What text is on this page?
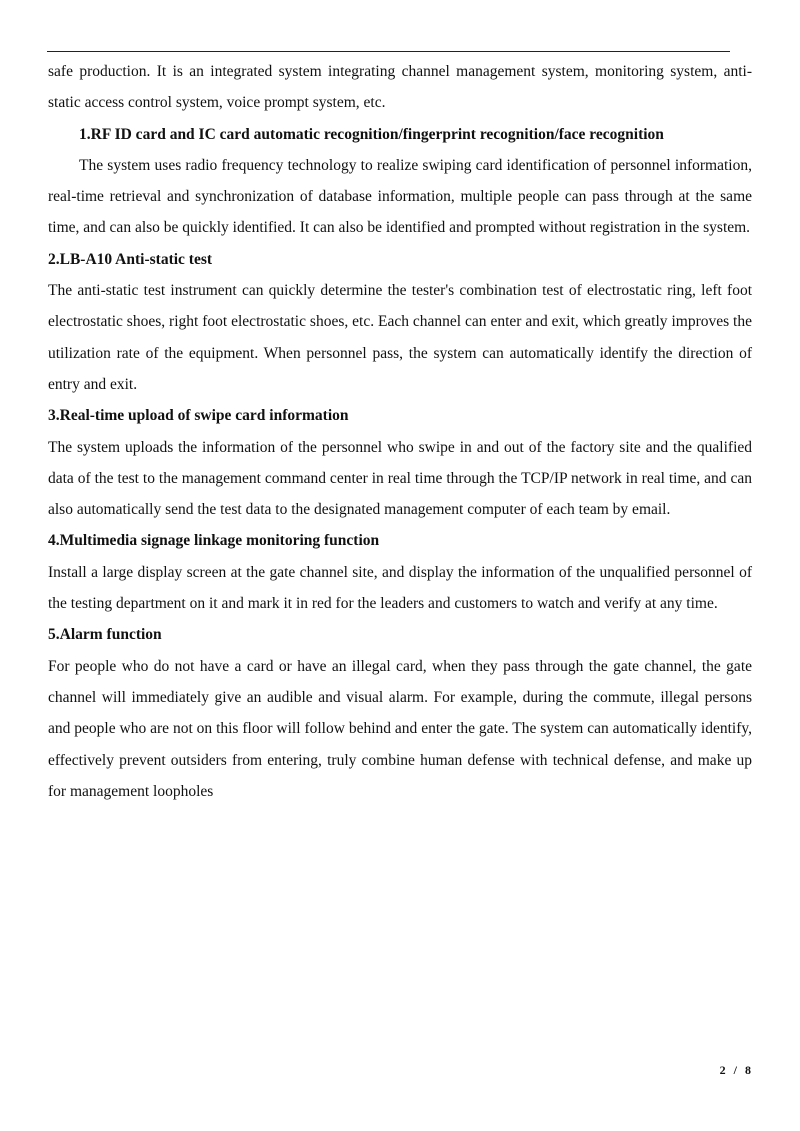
safe production. It is an integrated system integrating channel management system, monitoring system, anti-static access control system, voice prompt system, etc.

1.RF ID card and IC card automatic recognition/fingerprint recognition/face recognition

The system uses radio frequency technology to realize swiping card identification of personnel information, real-time retrieval and synchronization of database information, multiple people can pass through at the same time, and can also be quickly identified. It can also be identified and prompted without registration in the system.

2.LB-A10 Anti-static test

The anti-static test instrument can quickly determine the tester's combination test of electrostatic ring, left foot electrostatic shoes, right foot electrostatic shoes, etc. Each channel can enter and exit, which greatly improves the utilization rate of the equipment. When personnel pass, the system can automatically identify the direction of entry and exit.

3.Real-time upload of swipe card information

The system uploads the information of the personnel who swipe in and out of the factory site and the qualified data of the test to the management command center in real time through the TCP/IP network in real time, and can also automatically send the test data to the designated management computer of each team by email.

4.Multimedia signage linkage monitoring function

Install a large display screen at the gate channel site, and display the information of the unqualified personnel of the testing department on it and mark it in red for the leaders and customers to watch and verify at any time.

5.Alarm function

For people who do not have a card or have an illegal card, when they pass through the gate channel, the gate channel will immediately give an audible and visual alarm. For example, during the commute, illegal persons and people who are not on this floor will follow behind and enter the gate. The system can automatically identify, effectively prevent outsiders from entering, truly combine human defense with technical defense, and make up for management loopholes

2 / 8
